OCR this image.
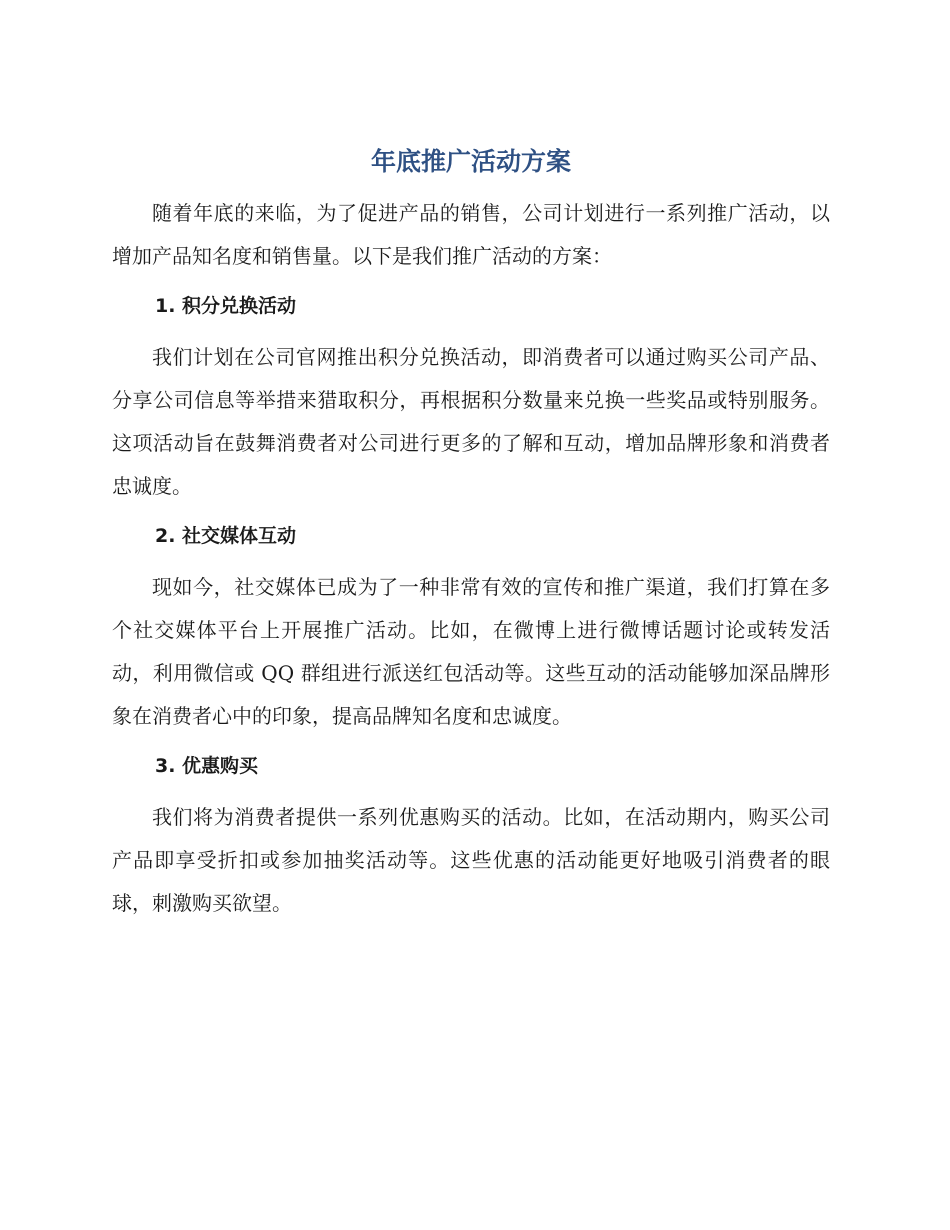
年底推广活动方案

随着年底的来临，为了促进产品的销售，公司计划进行一系列推广活动，以增加产品知名度和销售量。以下是我们推广活动的方案：

1. 积分兑换活动

我们计划在公司官网推出积分兑换活动，即消费者可以通过购买公司产品、分享公司信息等举措来猎取积分，再根据积分数量来兑换一些奖品或特别服务。这项活动旨在鼓舞消费者对公司进行更多的了解和互动，增加品牌形象和消费者忠诚度。

2. 社交媒体互动

现如今，社交媒体已成为了一种非常有效的宣传和推广渠道，我们打算在多个社交媒体平台上开展推广活动。比如，在微博上进行微博话题讨论或转发活动，利用微信或 QQ 群组进行派送红包活动等。这些互动的活动能够加深品牌形象在消费者心中的印象，提高品牌知名度和忠诚度。

3. 优惠购买

我们将为消费者提供一系列优惠购买的活动。比如，在活动期内，购买公司产品即享受折扣或参加抽奖活动等。这些优惠的活动能更好地吸引消费者的眼球，刺激购买欲望。
